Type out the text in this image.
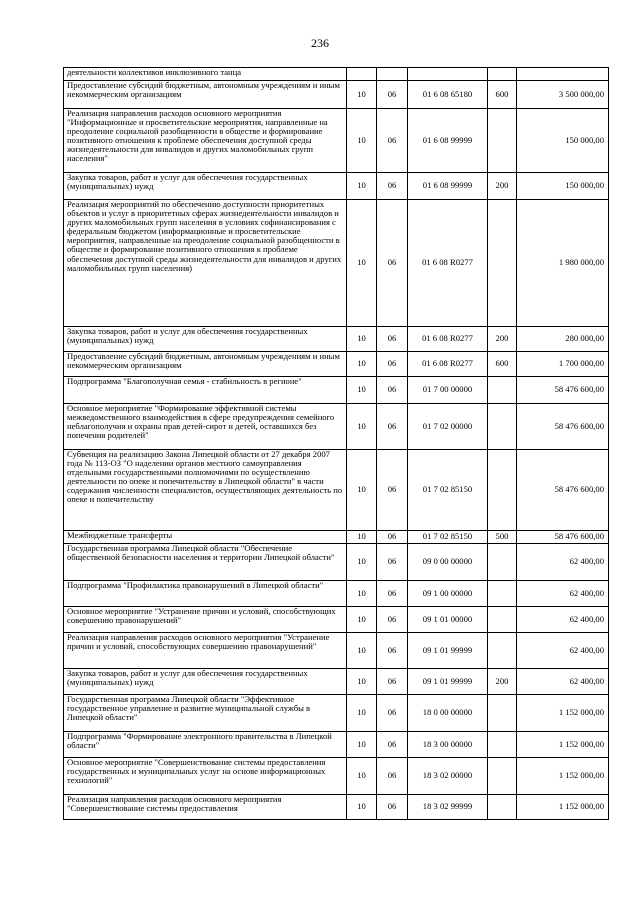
236
деятельности коллективов инклюзивного танца					
Предоставление субсидий бюджетным, автономным учреждениям и иным некоммерческим организациям	10	06	01 6 08 65180	600	3 500 000,00
Реализация направления расходов основного мероприятия "Информационные и просветительские мероприятия, направленные на преодоление социальной разобщенности в обществе и формирование позитивного отношения к проблеме обеспечения доступной среды жизнедеятельности для инвалидов и других маломобильных групп населения"	10	06	01 6 08 99999		150 000,00
Закупка товаров, работ и услуг для обеспечения государственных (муниципальных) нужд	10	06	01 6 08 99999	200	150 000,00
Реализация мероприятий по обеспечению доступности приоритетных объектов и услуг в приоритетных сферах жизнедеятельности инвалидов и других маломобильных групп населения в условиях софинансирования с федеральным бюджетом (информационные и просветительские мероприятия, направленные на преодоление социальной разобщенности в обществе и формирование позитивного отношения к проблеме обеспечения доступной среды жизнедеятельности для инвалидов и других маломобильных групп населения)	10	06	01 6 08 R0277		1 980 000,00
Закупка товаров, работ и услуг для обеспечения государственных (муниципальных) нужд	10	06	01 6 08 R0277	200	280 000,00
Предоставление субсидий бюджетным, автономным учреждениям и иным некоммерческим организациям	10	06	01 6 08 R0277	600	1 700 000,00
Подпрограмма "Благополучная семья - стабильность в регионе"	10	06	01 7 00 00000		58 476 600,00
Основное мероприятие "Формирование эффективной системы межведомственного взаимодействия в сфере предупреждения семейного неблагополучия и охраны прав детей-сирот и детей, оставшихся без попечения родителей"	10	06	01 7 02 00000		58 476 600,00
Субвенция на реализацию Закона Липецкой области от 27 декабря 2007 года № 113-ОЗ "О наделении органов местного самоуправления отдельными государственными полномочиями по осуществлению деятельности по опеке и попечительству в Липецкой области" в части содержания численности специалистов, осуществляющих деятельность по опеке и попечительству	10	06	01 7 02 85150		58 476 600,00
Межбюджетные трансферты	10	06	01 7 02 85150	500	58 476 600,00
Государственная программа Липецкой области "Обеспечение общественной безопасности населения и территории Липецкой области"	10	06	09 0 00 00000		62 400,00
Подпрограмма "Профилактика правонарушений в Липецкой области"	10	06	09 1 00 00000		62 400,00
Основное мероприятие "Устранение причин и условий, способствующих совершению правонарушений"	10	06	09 1 01 00000		62 400,00
Реализация направления расходов основного мероприятия "Устранение причин и условий, способствующих совершению правонарушений"	10	06	09 1 01 99999		62 400,00
Закупка товаров, работ и услуг для обеспечения государственных (муниципальных) нужд	10	06	09 1 01 99999	200	62 400,00
Государственная программа Липецкой области "Эффективное государственное управление и развитие муниципальной службы в Липецкой области"	10	06	18 0 00 00000		1 152 000,00
Подпрограмма "Формирование электронного правительства в Липецкой области"	10	06	18 3 00 00000		1 152 000,00
Основное мероприятие "Совершенствование системы предоставления государственных и муниципальных услуг на основе информационных технологий"	10	06	18 3 02 00000		1 152 000,00
Реализация направления расходов основного мероприятия "Совершенствование системы предоставления	10	06	18 3 02 99999		1 152 000,00
